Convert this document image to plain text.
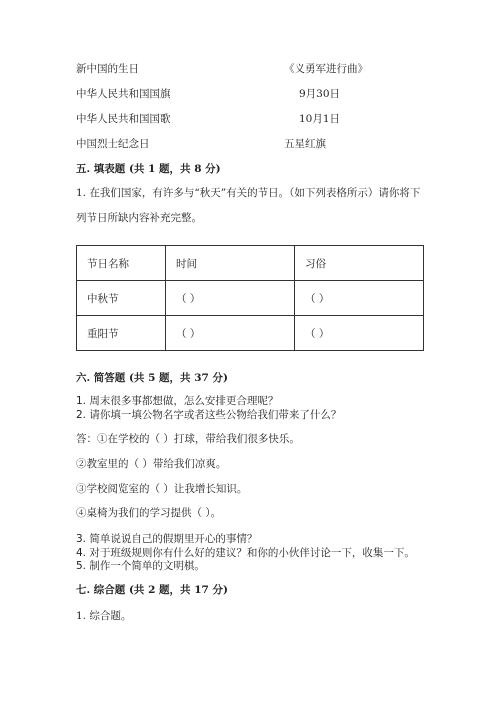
新中国的生日	《义勇军进行曲》
中华人民共和国国旗	9月30日
中华人民共和国国歌	10月1日
中国烈士纪念日	五星红旗
五. 填表题 (共 1 题，共 8 分)
1. 在我们国家，有许多与“秋天”有关的节日。（如下列表格所示）请你将下
列节日所缺内容补充完整。
节日名称	时间	习俗
中秋节	（ ）	（ ）
重阳节	（ ）	（ ）
六. 简答题 (共 5 题，共 37 分)
1. 周末很多事都想做，怎么安排更合理呢？
2. 请你填一填公物名字或者这些公物给我们带来了什么？
答：①在学校的（ ）打球，带给我们很多快乐。
②教室里的（ ）带给我们凉爽。
③学校阅览室的（ ）让我增长知识。
④桌椅为我们的学习提供（ ）。
3. 简单说说自己的假期里开心的事情？
4. 对于班级规则你有什么好的建议？和你的小伙伴讨论一下，收集一下。
5. 制作一个简单的文明棋。
七. 综合题 (共 2 题，共 17 分)
1. 综合题。
